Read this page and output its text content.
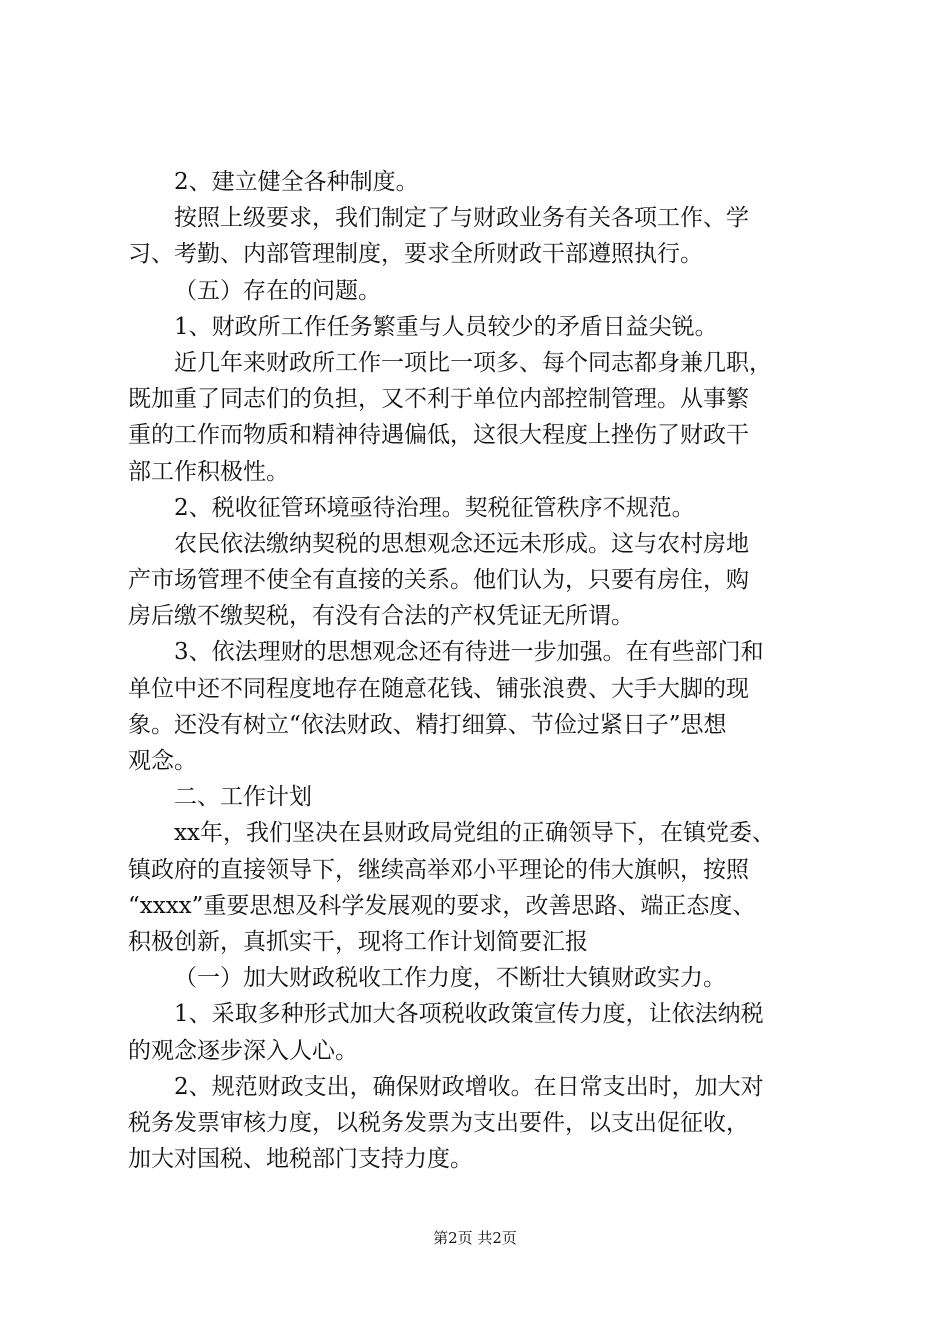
2、建立健全各种制度。
按照上级要求，我们制定了与财政业务有关各项工作、学
习、考勤、内部管理制度，要求全所财政干部遵照执行。
（五）存在的问题。
1、财政所工作任务繁重与人员较少的矛盾日益尖锐。
近几年来财政所工作一项比一项多、每个同志都身兼几职，
既加重了同志们的负担，又不利于单位内部控制管理。从事繁
重的工作而物质和精神待遇偏低，这很大程度上挫伤了财政干
部工作积极性。
2、税收征管环境亟待治理。契税征管秩序不规范。
农民依法缴纳契税的思想观念还远未形成。这与农村房地
产市场管理不使全有直接的关系。他们认为，只要有房住，购
房后缴不缴契税，有没有合法的产权凭证无所谓。
3、依法理财的思想观念还有待进一步加强。在有些部门和
单位中还不同程度地存在随意花钱、铺张浪费、大手大脚的现
象。还没有树立“依法财政、精打细算、节俭过紧日子”思想
观念。
二、工作计划
xx年，我们坚决在县财政局党组的正确领导下，在镇党委、
镇政府的直接领导下，继续高举邓小平理论的伟大旗帜，按照
“xxxx”重要思想及科学发展观的要求，改善思路、端正态度、
积极创新，真抓实干，现将工作计划简要汇报
（一）加大财政税收工作力度，不断壮大镇财政实力。
1、采取多种形式加大各项税收政策宣传力度，让依法纳税
的观念逐步深入人心。
2、规范财政支出，确保财政增收。在日常支出时，加大对
税务发票审核力度，以税务发票为支出要件，以支出促征收，
加大对国税、地税部门支持力度。
第2页 共2页
